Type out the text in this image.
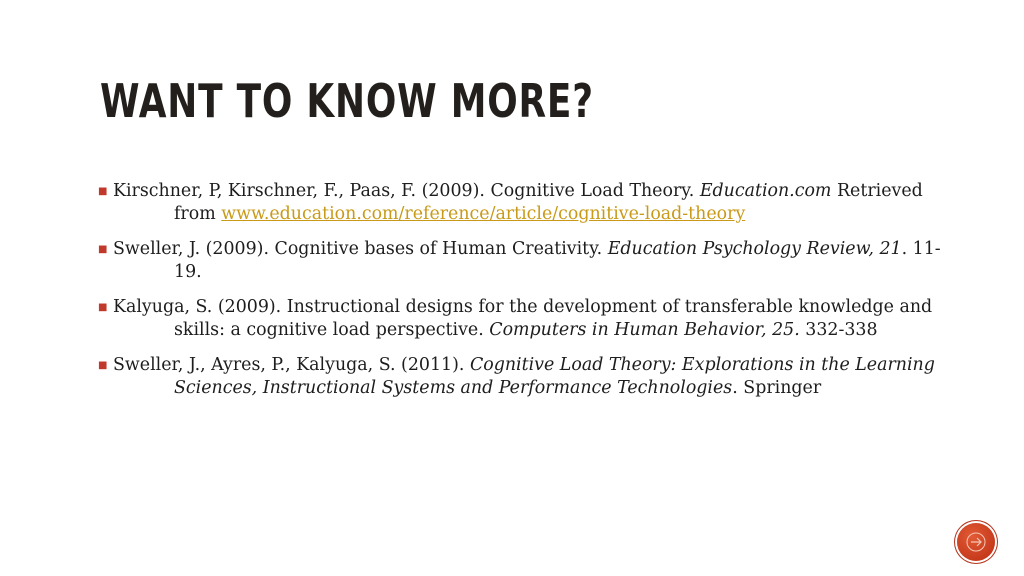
WANT TO KNOW MORE?
■ Kirschner, P, Kirschner, F., Paas, F. (2009). Cognitive Load Theory. Education.com Retrieved from www.education.com/reference/article/cognitive-load-theory
■ Sweller, J. (2009). Cognitive bases of Human Creativity. Education Psychology Review, 21. 11-19.
■ Kalyuga, S. (2009). Instructional designs for the development of transferable knowledge and skills: a cognitive load perspective. Computers in Human Behavior, 25. 332-338
■ Sweller, J., Ayres, P., Kalyuga, S. (2011). Cognitive Load Theory: Explorations in the Learning Sciences, Instructional Systems and Performance Technologies. Springer
